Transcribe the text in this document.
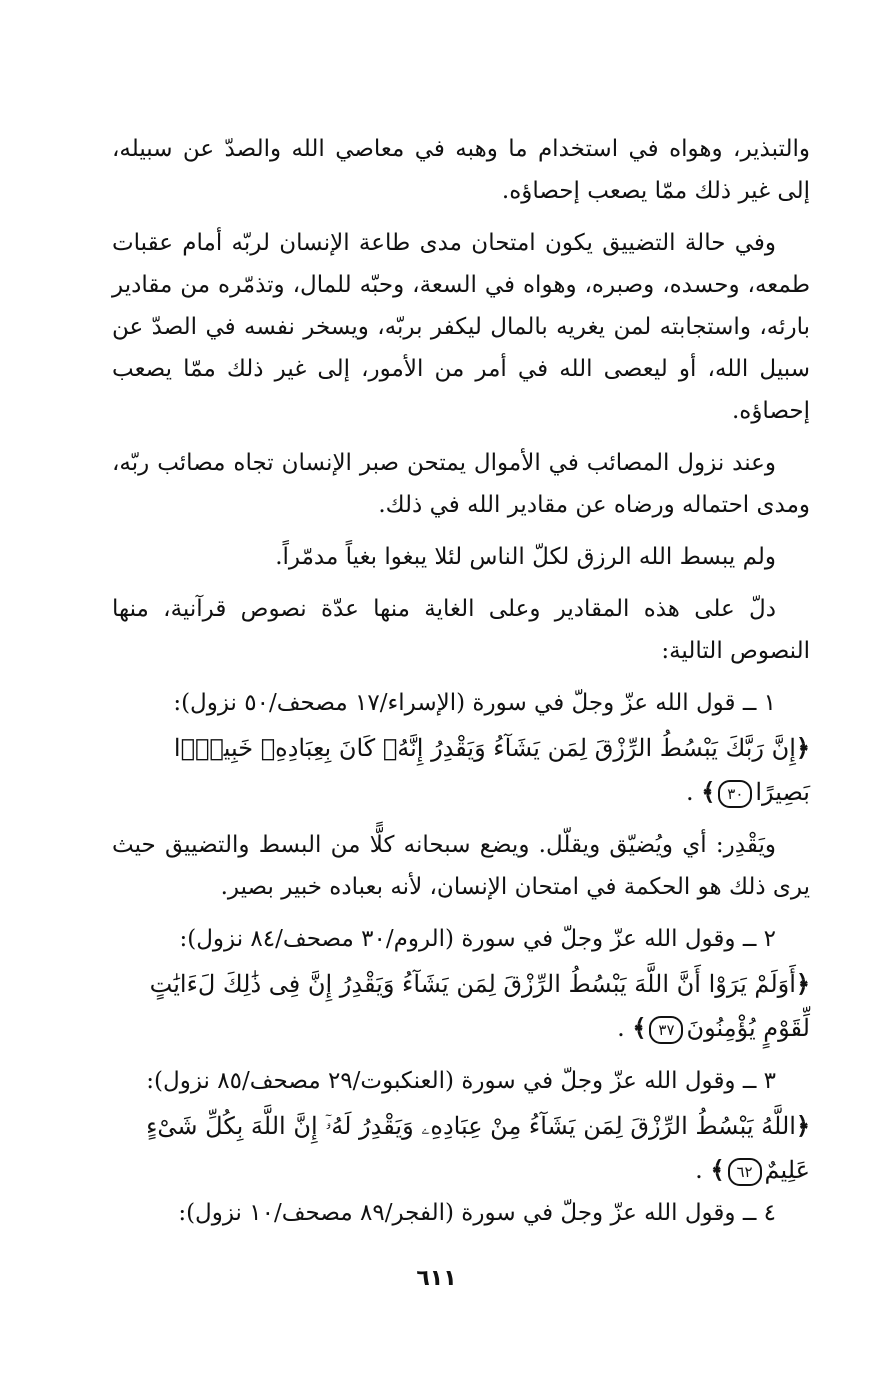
والتبذير، وهواه في استخدام ما وهبه في معاصي الله والصدّ عن سبيله، إلى غير ذلك ممّا يصعب إحصاؤه.

وفي حالة التضييق يكون امتحان مدى طاعة الإنسان لربّه أمام عقبات طمعه، وحسده، وصبره، وهواه في السعة، وحبّه للمال، وتذمّره من مقادير بارئه، واستجابته لمن يغريه بالمال ليكفر بربّه، ويسخر نفسه في الصدّ عن سبيل الله، أو ليعصى الله في أمر من الأمور، إلى غير ذلك ممّا يصعب إحصاؤه.

وعند نزول المصائب في الأموال يمتحن صبر الإنسان تجاه مصائب ربّه، ومدى احتماله ورضاه عن مقادير الله في ذلك.

ولم يبسط الله الرزق لكلّ الناس لئلا يبغوا بغياً مدمّراً.

دلّ على هذه المقادير وعلى الغاية منها عدّة نصوص قرآنية، منها النصوص التالية:

١ ــ قول الله عزّ وجلّ في سورة (الإسراء/١٧ مصحف/٥٠ نزول):

﴿إِنَّ رَبَّكَ يَبْسُطُ الرِّزْقَ لِمَن يَشَآءُ وَيَقْدِرُ إِنَّهُۥ كَانَ بِعِبَادِهِۦ خَبِيرًۢا بَصِيرًا٣٠﴾ .

ويَقْدِر: أي ويُضيّق ويقلّل. ويضع سبحانه كلًّا من البسط والتضييق حيث يرى ذلك هو الحكمة في امتحان الإنسان، لأنه بعباده خبير بصير.

٢ ــ وقول الله عزّ وجلّ في سورة (الروم/٣٠ مصحف/٨٤ نزول):

﴿أَوَلَمْ يَرَوْا أَنَّ اللَّهَ يَبْسُطُ الرِّزْقَ لِمَن يَشَآءُ وَيَقْدِرُ إِنَّ فِى ذَٰلِكَ لَءَايَٰتٍ لِّقَوْمٍ يُؤْمِنُونَ٣٧﴾ .

٣ ــ وقول الله عزّ وجلّ في سورة (العنكبوت/٢٩ مصحف/٨٥ نزول):

﴿اللَّهُ يَبْسُطُ الرِّزْقَ لِمَن يَشَآءُ مِنْ عِبَادِهِۦ وَيَقْدِرُ لَهُۥٓ إِنَّ اللَّهَ بِكُلِّ شَىْءٍ عَلِيمٌ٦٢﴾ .

٤ ــ وقول الله عزّ وجلّ في سورة (الفجر/٨٩ مصحف/١٠ نزول):

٦١١
